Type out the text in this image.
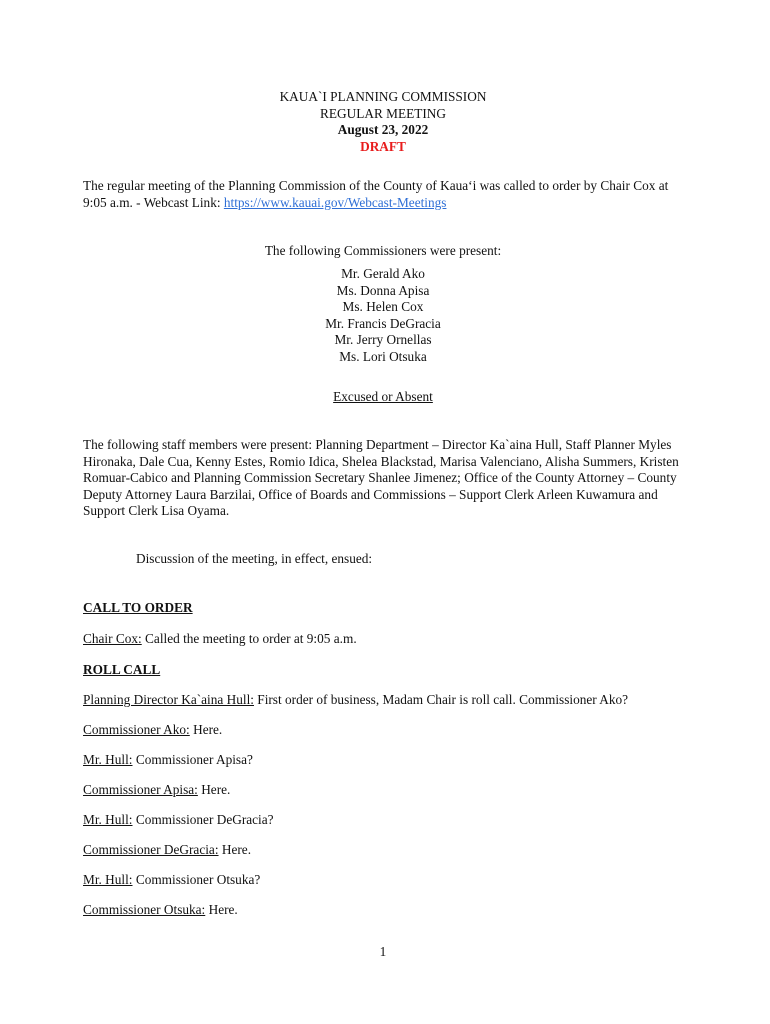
KAUA`I PLANNING COMMISSION

REGULAR MEETING

August 23, 2022

DRAFT

The regular meeting of the Planning Commission of the County of Kaua‘i was called to order by Chair Cox at 9:05 a.m. - Webcast Link: https://www.kauai.gov/Webcast-Meetings
The following Commissioners were present:

Mr. Gerald Ako

Ms. Donna Apisa

Ms. Helen Cox

Mr. Francis DeGracia

Mr. Jerry Ornellas

Ms. Lori Otsuka

Excused or Absent
The following staff members were present: Planning Department – Director Ka`aina Hull, Staff Planner Myles Hironaka, Dale Cua, Kenny Estes, Romio Idica, Shelea Blackstad, Marisa Valenciano, Alisha Summers, Kristen Romuar-Cabico and Planning Commission Secretary Shanlee Jimenez; Office of the County Attorney – County Deputy Attorney Laura Barzilai, Office of Boards and Commissions – Support Clerk Arleen Kuwamura and Support Clerk Lisa Oyama.
Discussion of the meeting, in effect, ensued:
CALL TO ORDER
Chair Cox: Called the meeting to order at 9:05 a.m.
ROLL CALL
Planning Director Ka`aina Hull: First order of business, Madam Chair is roll call. Commissioner Ako?
Commissioner Ako: Here.
Mr. Hull: Commissioner Apisa?
Commissioner Apisa: Here.
Mr. Hull: Commissioner DeGracia?
Commissioner DeGracia: Here.
Mr. Hull: Commissioner Otsuka?
Commissioner Otsuka: Here.
1
